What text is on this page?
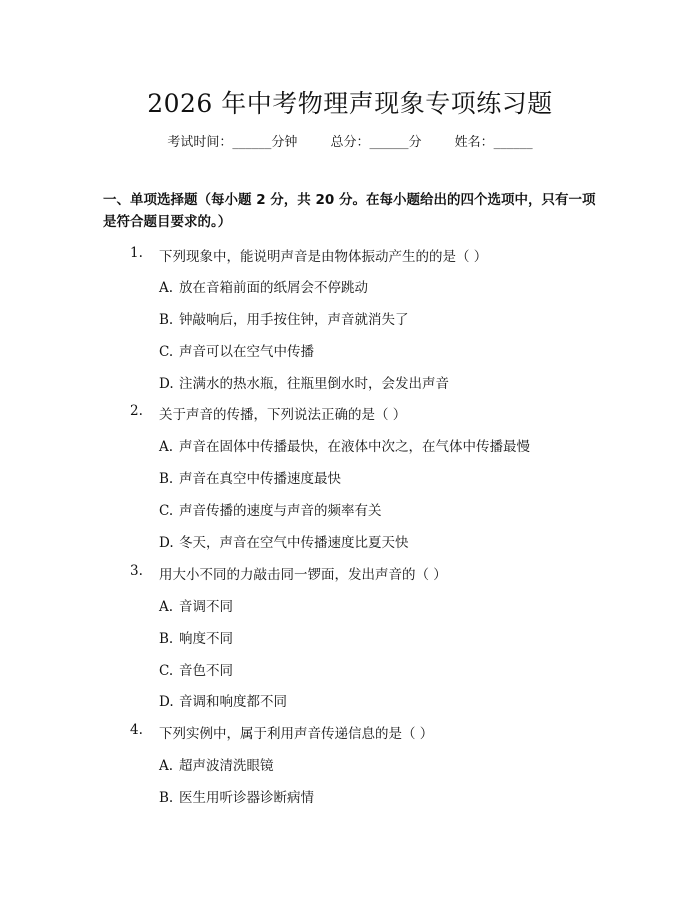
2026 年中考物理声现象专项练习题
考试时间：______分钟	总分：______分	姓名：______
一、单项选择题（每小题 2 分，共 20 分。在每小题给出的四个选项中，只有一项是符合题目要求的。）
1. 下列现象中，能说明声音是由物体振动产生的的是（ ）
A. 放在音箱前面的纸屑会不停跳动
B. 钟敲响后，用手按住钟，声音就消失了
C. 声音可以在空气中传播
D. 注满水的热水瓶，往瓶里倒水时，会发出声音
2. 关于声音的传播，下列说法正确的是（ ）
A. 声音在固体中传播最快，在液体中次之，在气体中传播最慢
B. 声音在真空中传播速度最快
C. 声音传播的速度与声音的频率有关
D. 冬天，声音在空气中传播速度比夏天快
3. 用大小不同的力敲击同一锣面，发出声音的（ ）
A. 音调不同
B. 响度不同
C. 音色不同
D. 音调和响度都不同
4. 下列实例中，属于利用声音传递信息的是（ ）
A. 超声波清洗眼镜
B. 医生用听诊器诊断病情
